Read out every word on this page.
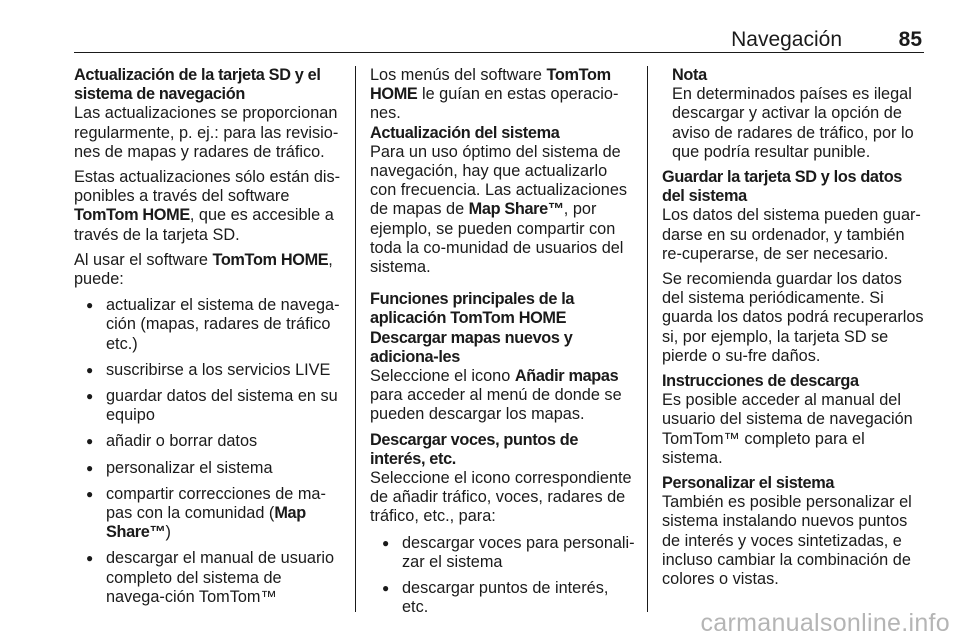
Navegación	85
Actualización de la tarjeta SD y el sistema de navegación

Las actualizaciones se proporcionan regularmente, p. ej.: para las revisio-nes de mapas y radares de tráfico.

Estas actualizaciones sólo están dis-ponibles a través del software TomTom HOME, que es accesible a través de la tarjeta SD.

Al usar el software TomTom HOME, puede:

● actualizar el sistema de navega-ción (mapas, radares de tráfico etc.)
● suscribirse a los servicios LIVE
● guardar datos del sistema en su equipo
● añadir o borrar datos
● personalizar el sistema
● compartir correcciones de ma-pas con la comunidad (Map Share™)
● descargar el manual de usuario completo del sistema de navega-ción TomTom™

Los menús del software TomTom HOME le guían en estas operacio-nes.

Actualización del sistema

Para un uso óptimo del sistema de navegación, hay que actualizarlo con frecuencia. Las actualizaciones de mapas de Map Share™, por ejemplo, se pueden compartir con toda la co-munidad de usuarios del sistema.

Funciones principales de la aplicación TomTom HOME
Descargar mapas nuevos y adiciona-les

Seleccione el icono Añadir mapas para acceder al menú de donde se pueden descargar los mapas.

Descargar voces, puntos de interés, etc.

Seleccione el icono correspondiente de añadir tráfico, voces, radares de tráfico, etc., para:

● descargar voces para personali-zar el sistema
● descargar puntos de interés, etc.
Nota

En determinados países es ilegal descargar y activar la opción de aviso de radares de tráfico, por lo que podría resultar punible.

Guardar la tarjeta SD y los datos del sistema

Los datos del sistema pueden guar-darse en su ordenador, y también re-cuperarse, de ser necesario.

Se recomienda guardar los datos del sistema periódicamente. Si guarda los datos podrá recuperarlos si, por ejemplo, la tarjeta SD se pierde o su-fre daños.

Instrucciones de descarga

Es posible acceder al manual del usuario del sistema de navegación TomTom™ completo para el sistema.

Personalizar el sistema

También es posible personalizar el sistema instalando nuevos puntos de interés y voces sintetizadas, e incluso cambiar la combinación de colores o vistas.

carmanualsonline.info
